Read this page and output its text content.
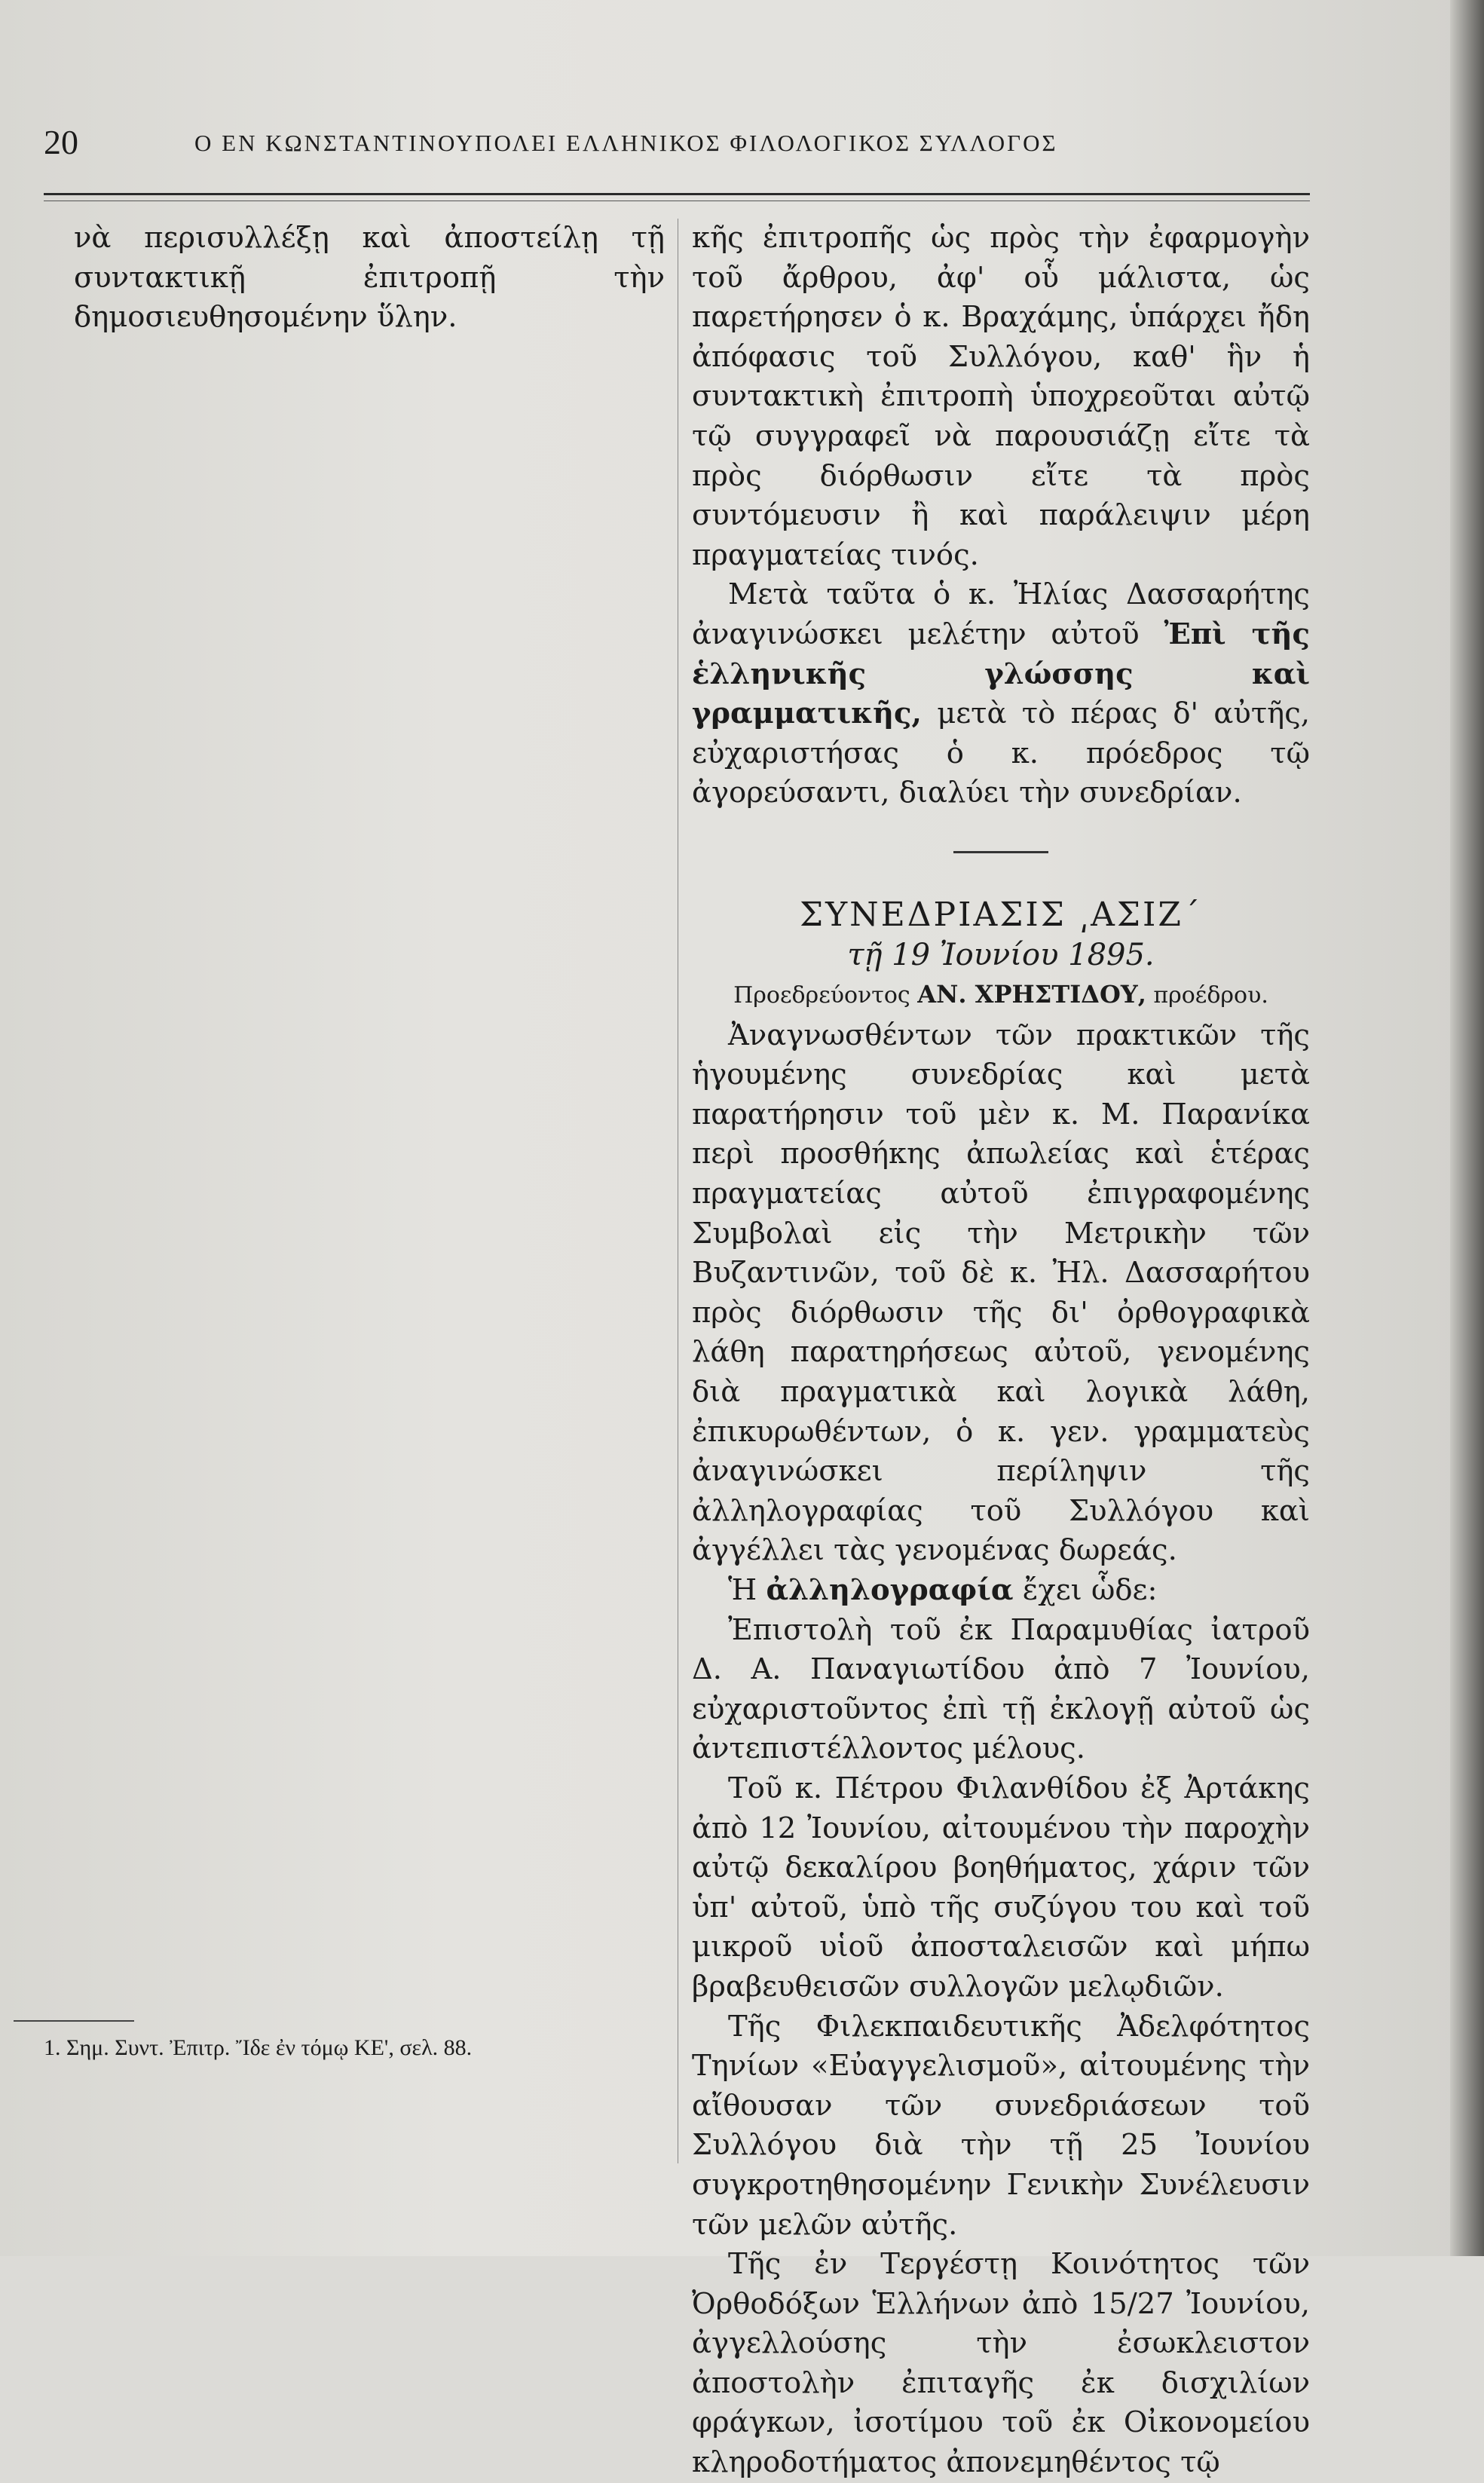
20	Ο ΕΝ ΚΩΝΣΤΑΝΤΙΝΟΥΠΟΛΕΙ ΕΛΛΗΝΙΚΟΣ ΦΙΛΟΛΟΓΙΚΟΣ ΣΥΛΛΟΓΟΣ

νὰ περισυλλέξῃ καὶ ἀποστείλῃ τῇ συντακτικῇ ἐπιτροπῇ τὴν δημοσιευθησομένην ὕλην.

κῆς ἐπιτροπῆς ὡς πρὸς τὴν ἐφαρμογὴν τοῦ ἄρθρου, ἀφ' οὗ μάλιστα, ὡς παρετήρησεν ὁ κ. Βραχάμης, ὑπάρχει ἤδη ἀπόφασις τοῦ Συλλόγου, καθ' ἣν ἡ συντακτικὴ ἐπιτροπὴ ὑποχρεοῦται αὐτῷ τῷ συγγραφεῖ νὰ παρουσιάζῃ εἴτε τὰ πρὸς διόρθωσιν εἴτε τὰ πρὸς συντόμευσιν ἢ καὶ παράλειψιν μέρη πραγματείας τινός.

Μετὰ ταῦτα ὁ κ. Ἠλίας Δασσαρήτης ἀναγινώσκει μελέτην αὐτοῦ Ἐπὶ τῆς ἑλληνικῆς γλώσσης καὶ γραμματικῆς, μετὰ τὸ πέρας δ' αὐτῆς, εὐχαριστήσας ὁ κ. πρόεδρος τῷ ἀγορεύσαντι, διαλύει τὴν συνεδρίαν.

ΣΥΝΕΔΡΙΑΣΙΣ ͵ΑΣΙΖ΄

τῇ 19 Ἰουνίου 1895.

Προεδρεύοντος ΑΝ. ΧΡΗΣΤΙΔΟΥ, προέδρου.

Ἀναγνωσθέντων τῶν πρακτικῶν τῆς ἡγουμένης συνεδρίας καὶ μετὰ παρατήρησιν τοῦ μὲν κ. Μ. Παρανίκα περὶ προσθήκης ἀπωλείας καὶ ἑτέρας πραγματείας αὐτοῦ ἐπιγραφομένης Συμβολαὶ εἰς τὴν Μετρικὴν τῶν Βυζαντινῶν, τοῦ δὲ κ. Ἠλ. Δασσαρήτου πρὸς διόρθωσιν τῆς δι' ὀρθογραφικὰ λάθη παρατηρήσεως αὐτοῦ, γενομένης διὰ πραγματικὰ καὶ λογικὰ λάθη, ἐπικυρωθέντων, ὁ κ. γεν. γραμματεὺς ἀναγινώσκει περίληψιν τῆς ἀλληλογραφίας τοῦ Συλλόγου καὶ ἀγγέλλει τὰς γενομένας δωρεάς.

Ἡ ἀλληλογραφία ἔχει ὧδε:

Ἐπιστολὴ τοῦ ἐκ Παραμυθίας ἰατροῦ Δ. Α. Παναγιωτίδου ἀπὸ 7 Ἰουνίου, εὐχαριστοῦντος ἐπὶ τῇ ἐκλογῇ αὐτοῦ ὡς ἀντεπιστέλλοντος μέλους.

Τοῦ κ. Πέτρου Φιλανθίδου ἐξ Ἀρτάκης ἀπὸ 12 Ἰουνίου, αἰτουμένου τὴν παροχὴν αὐτῷ δεκαλίρου βοηθήματος, χάριν τῶν ὑπ' αὐτοῦ, ὑπὸ τῆς συζύγου του καὶ τοῦ μικροῦ υἱοῦ ἀποσταλεισῶν καὶ μήπω βραβευθεισῶν συλλογῶν μελῳδιῶν.

Τῆς Φιλεκπαιδευτικῆς Ἀδελφότητος Τηνίων «Εὐαγγελισμοῦ», αἰτουμένης τὴν αἴθουσαν τῶν συνεδριάσεων τοῦ Συλλόγου διὰ τὴν τῇ 25 Ἰουνίου συγκροτηθησομένην Γενικὴν Συνέλευσιν τῶν μελῶν αὐτῆς.

Τῆς ἐν Τεργέστῃ Κοινότητος τῶν Ὀρθοδόξων Ἑλλήνων ἀπὸ 15/27 Ἰουνίου, ἀγγελλούσης τὴν ἐσωκλειστον ἀποστολὴν ἐπιταγῆς ἐκ δισχιλίων φράγκων, ἰσοτίμου τοῦ ἐκ Οἰκονομείου κληροδοτήματος ἀπονεμηθέντος τῷ

1. Σημ. Συντ. Ἐπιτρ. Ἴδε ἐν τόμῳ ΚΕ', σελ. 88.
